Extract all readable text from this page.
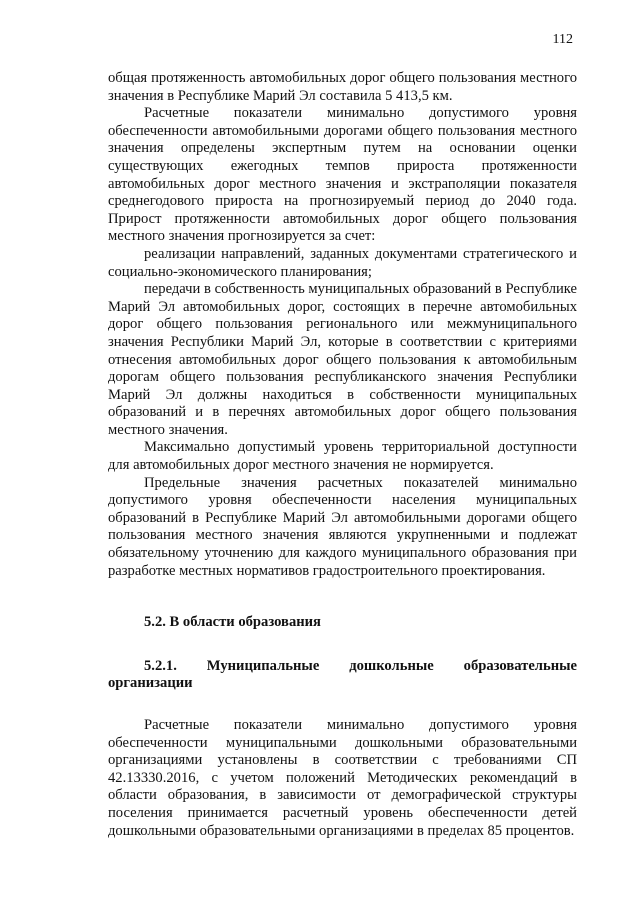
112

общая протяженность автомобильных дорог общего пользования местного значения в Республике Марий Эл составила 5 413,5 км.

Расчетные показатели минимально допустимого уровня обеспеченности автомобильными дорогами общего пользования местного значения определены экспертным путем на основании оценки существующих ежегодных темпов прироста протяженности автомобильных дорог местного значения и экстраполяции показателя среднегодового прироста на прогнозируемый период до 2040 года. Прирост протяженности автомобильных дорог общего пользования местного значения прогнозируется за счет:

реализации направлений, заданных документами стратегического и социально-экономического планирования;

передачи в собственность муниципальных образований в Республике Марий Эл автомобильных дорог, состоящих в перечне автомобильных дорог общего пользования регионального или межмуниципального значения Республики Марий Эл, которые в соответствии с критериями отнесения автомобильных дорог общего пользования к автомобильным дорогам общего пользования республиканского значения Республики Марий Эл должны находиться в собственности муниципальных образований и в перечнях автомобильных дорог общего пользования местного значения.

Максимально допустимый уровень территориальной доступности для автомобильных дорог местного значения не нормируется.

Предельные значения расчетных показателей минимально допустимого уровня обеспеченности населения муниципальных образований в Республике Марий Эл автомобильными дорогами общего пользования местного значения являются укрупненными и подлежат обязательному уточнению для каждого муниципального образования при разработке местных нормативов градостроительного проектирования.

5.2. В области образования

5.2.1. Муниципальные дошкольные образовательные организации

Расчетные показатели минимально допустимого уровня обеспеченности муниципальными дошкольными образовательными организациями установлены в соответствии с требованиями СП 42.13330.2016, с учетом положений Методических рекомендаций в области образования, в зависимости от демографической структуры поселения принимается расчетный уровень обеспеченности детей дошкольными образовательными организациями в пределах 85 процентов.
